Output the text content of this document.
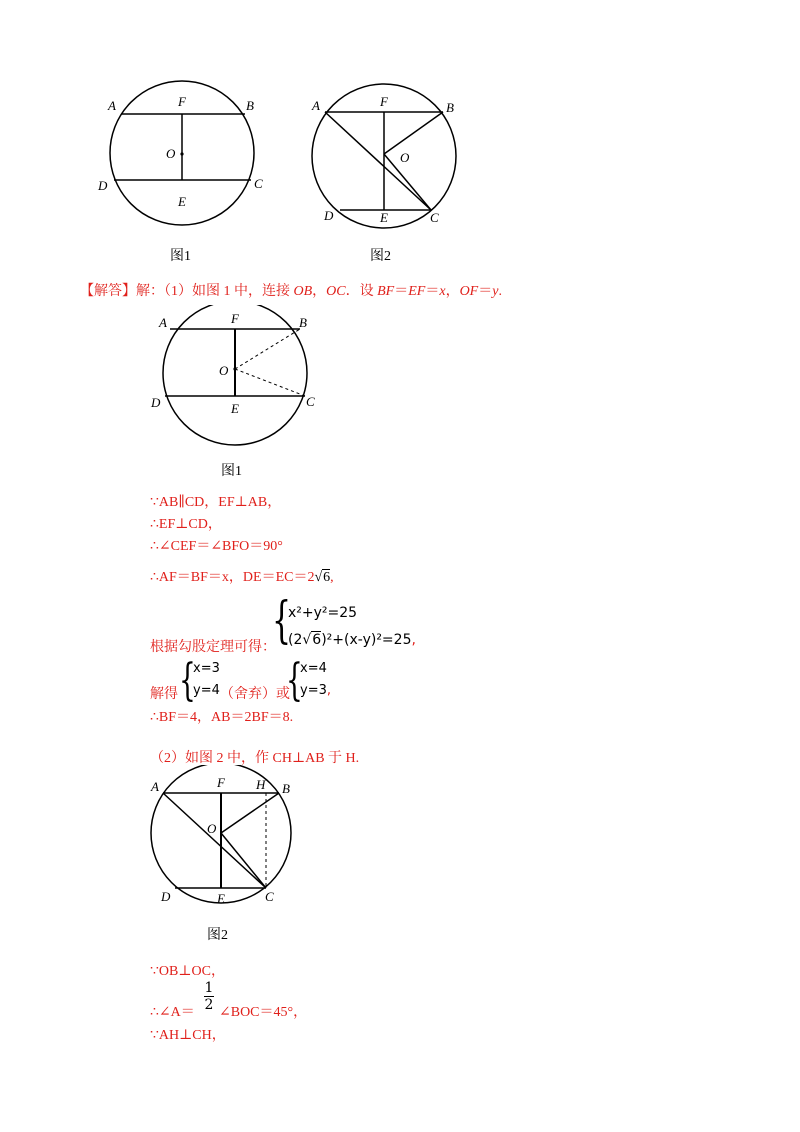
A	F	B
O
D	C
E
图1
A	F	B
O
D	E	C
图2
【解答】解：（1）如图 1 中，连接 OB，OC．设 BF＝EF＝x，OF＝y.
A	F	B
O
D	E	C
图1
∵AB∥CD，EF⊥AB，
∴EF⊥CD，
∴∠CEF＝∠BFO＝90°
∴AF＝BF＝x，DE＝EC＝2√6,
根据勾股定理可得：
{
x²+y²=25
(2√6)²+(x-y)²=25,
解得 {
x=3
y=4 （舍弃）或
{
x=4
y=3,
∴BF＝4，AB＝2BF＝8.
（2）如图 2 中，作 CH⊥AB 于 H.
A	F H B
O
D	E	C
图2
∵OB⊥OC，
∴∠A＝
1
2 ∠BOC＝45°，
∵AH⊥CH，
